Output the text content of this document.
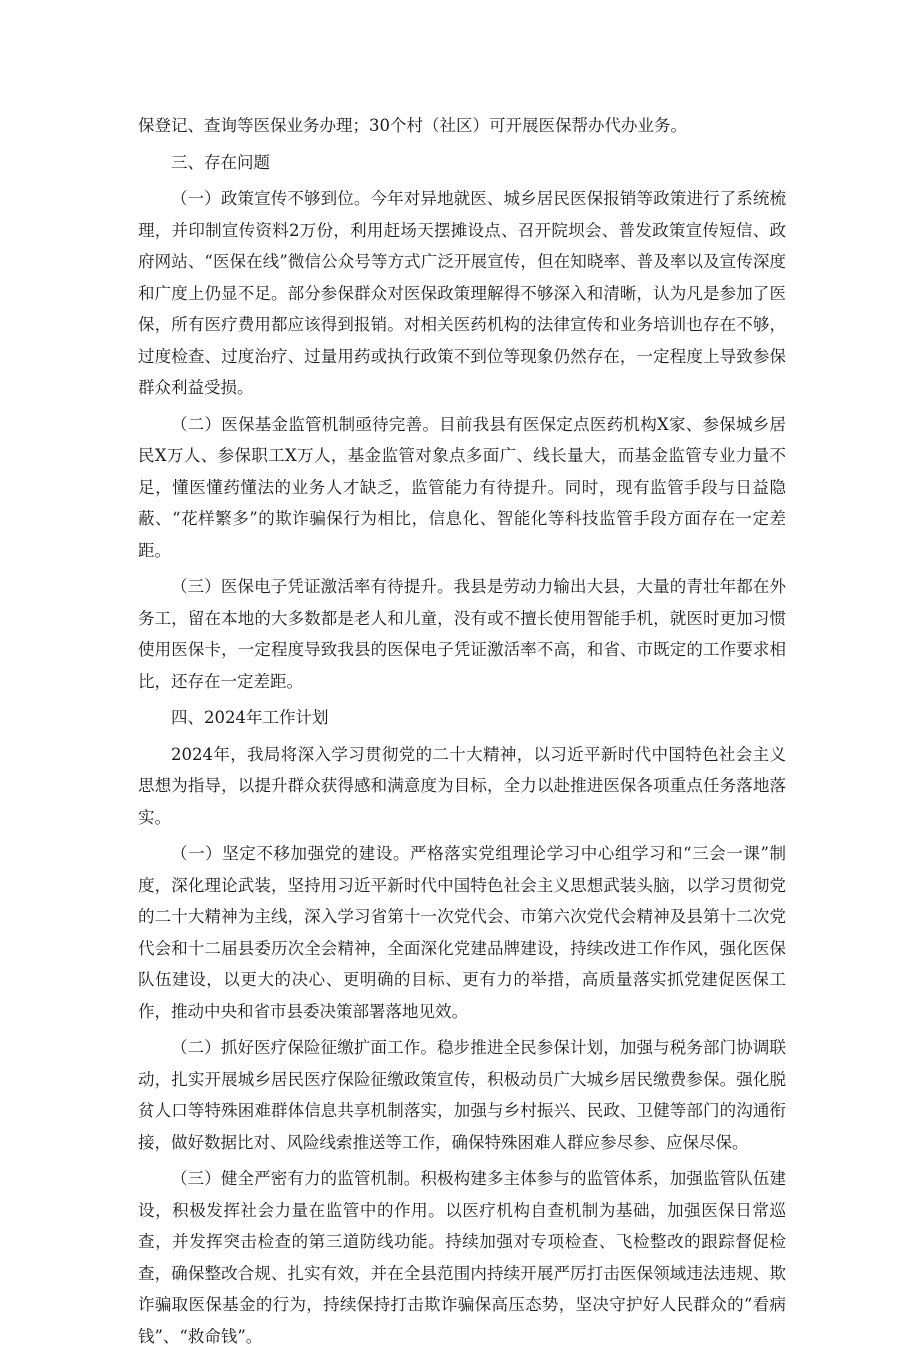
保登记、查询等医保业务办理；30个村（社区）可开展医保帮办代办业务。

三、存在问题

（一）政策宣传不够到位。今年对异地就医、城乡居民医保报销等政策进行了系统梳理，并印制宣传资料2万份，利用赶场天摆摊设点、召开院坝会、普发政策宣传短信、政府网站、“医保在线”微信公众号等方式广泛开展宣传，但在知晓率、普及率以及宣传深度和广度上仍显不足。部分参保群众对医保政策理解得不够深入和清晰，认为凡是参加了医保，所有医疗费用都应该得到报销。对相关医药机构的法律宣传和业务培训也存在不够，过度检查、过度治疗、过量用药或执行政策不到位等现象仍然存在，一定程度上导致参保群众利益受损。

（二）医保基金监管机制亟待完善。目前我县有医保定点医药机构X家、参保城乡居民X万人、参保职工X万人，基金监管对象点多面广、线长量大，而基金监管专业力量不足，懂医懂药懂法的业务人才缺乏，监管能力有待提升。同时，现有监管手段与日益隐蔽、“花样繁多”的欺诈骗保行为相比，信息化、智能化等科技监管手段方面存在一定差距。

（三）医保电子凭证激活率有待提升。我县是劳动力输出大县，大量的青壮年都在外务工，留在本地的大多数都是老人和儿童，没有或不擅长使用智能手机，就医时更加习惯使用医保卡，一定程度导致我县的医保电子凭证激活率不高，和省、市既定的工作要求相比，还存在一定差距。

四、2024年工作计划

2024年，我局将深入学习贯彻党的二十大精神，以习近平新时代中国特色社会主义思想为指导，以提升群众获得感和满意度为目标，全力以赴推进医保各项重点任务落地落实。

（一）坚定不移加强党的建设。严格落实党组理论学习中心组学习和“三会一课”制度，深化理论武装，坚持用习近平新时代中国特色社会主义思想武装头脑，以学习贯彻党的二十大精神为主线，深入学习省第十一次党代会、市第六次党代会精神及县第十二次党代会和十二届县委历次全会精神，全面深化党建品牌建设，持续改进工作作风，强化医保队伍建设，以更大的决心、更明确的目标、更有力的举措，高质量落实抓党建促医保工作，推动中央和省市县委决策部署落地见效。

（二）抓好医疗保险征缴扩面工作。稳步推进全民参保计划，加强与税务部门协调联动，扎实开展城乡居民医疗保险征缴政策宣传，积极动员广大城乡居民缴费参保。强化脱贫人口等特殊困难群体信息共享机制落实，加强与乡村振兴、民政、卫健等部门的沟通衔接，做好数据比对、风险线索推送等工作，确保特殊困难人群应参尽参、应保尽保。

（三）健全严密有力的监管机制。积极构建多主体参与的监管体系，加强监管队伍建设，积极发挥社会力量在监管中的作用。以医疗机构自查机制为基础，加强医保日常巡查，并发挥突击检查的第三道防线功能。持续加强对专项检查、飞检整改的跟踪督促检查，确保整改合规、扎实有效，并在全县范围内持续开展严厉打击医保领域违法违规、欺诈骗取医保基金的行为，持续保持打击欺诈骗保高压态势，坚决守护好人民群众的“看病钱”、“救命钱”。
